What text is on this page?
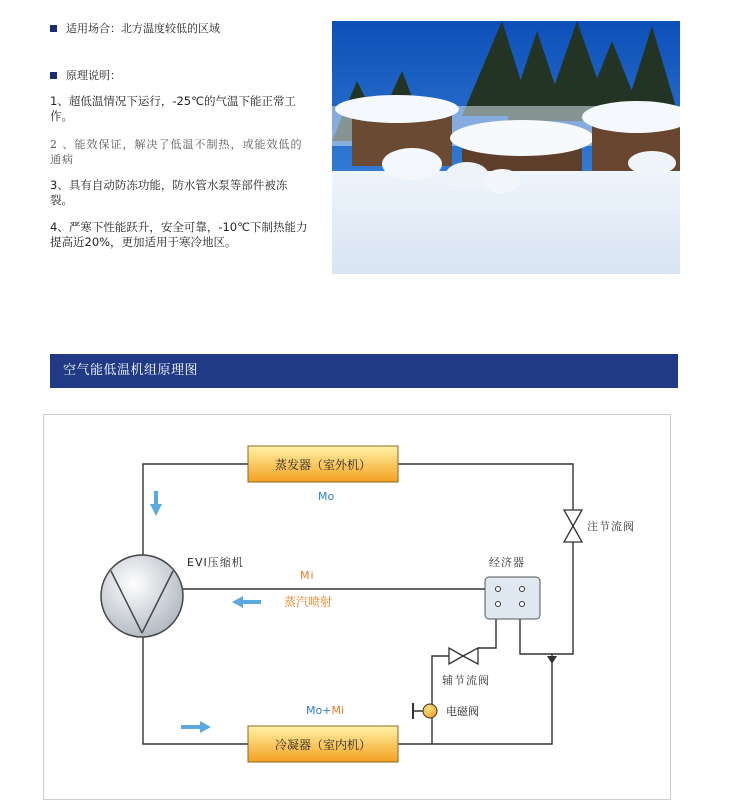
适用场合：北方温度较低的区域
原理说明：
1、超低温情况下运行，-25℃的气温下能正常工作。
2 、能效保证，解决了低温不制热，或能效低的通病
3、具有自动防冻功能，防水管水泵等部件被冻裂。
4、严寒下性能跃升，安全可靠，-10℃下制热能力提高近20%，更加适用于寒冷地区。
空气能低温机组原理图
蒸发器（室外机）
冷凝器（室内机）
EVI压缩机	经济器
注节流阀
辅节流阀
电磁阀
Mo
Mi
蒸汽喷射
Mo+Mi
